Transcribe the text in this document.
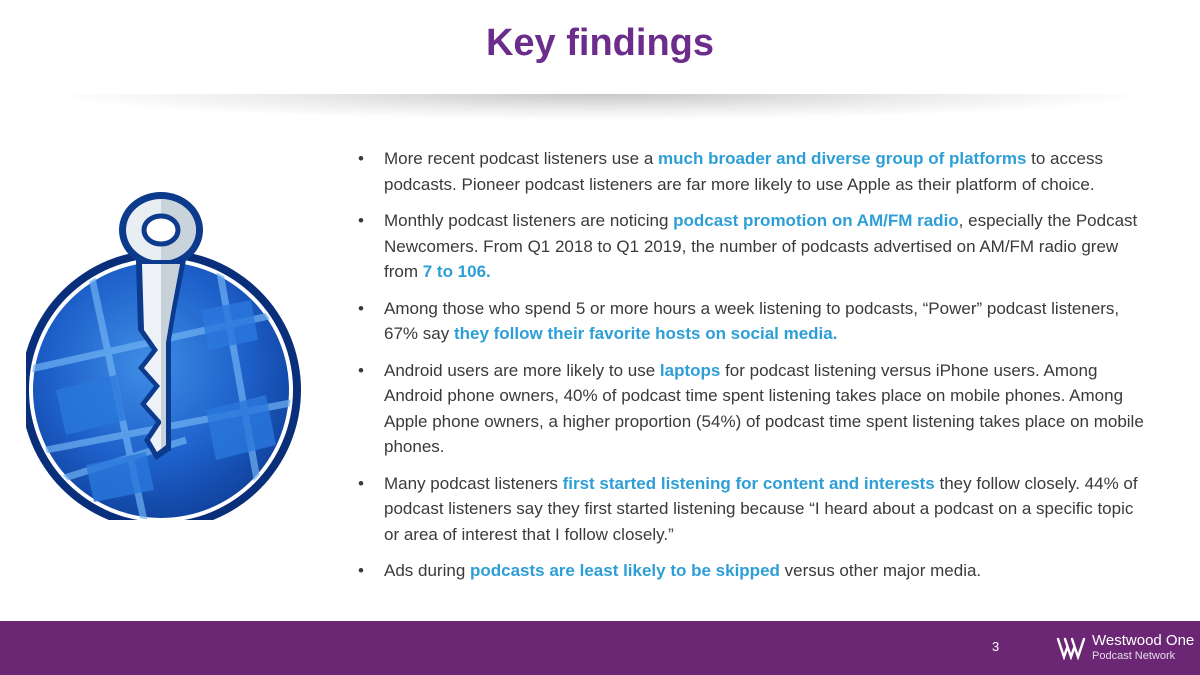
Key findings
• More recent podcast listeners use a much broader and diverse group of platforms to access podcasts. Pioneer podcast listeners are far more likely to use Apple as their platform of choice.
• Monthly podcast listeners are noticing podcast promotion on AM/FM radio, especially the Podcast Newcomers. From Q1 2018 to Q1 2019, the number of podcasts advertised on AM/FM radio grew from 7 to 106.
• Among those who spend 5 or more hours a week listening to podcasts, “Power” podcast listeners, 67% say they follow their favorite hosts on social media.
• Android users are more likely to use laptops for podcast listening versus iPhone users. Among Android phone owners, 40% of podcast time spent listening takes place on mobile phones. Among Apple phone owners, a higher proportion (54%) of podcast time spent listening takes place on mobile phones.
• Many podcast listeners first started listening for content and interests they follow closely. 44% of podcast listeners say they first started listening because “I heard about a podcast on a specific topic or area of interest that I follow closely.”
• Ads during podcasts are least likely to be skipped versus other major media.
3	Westwood One
Podcast Network
